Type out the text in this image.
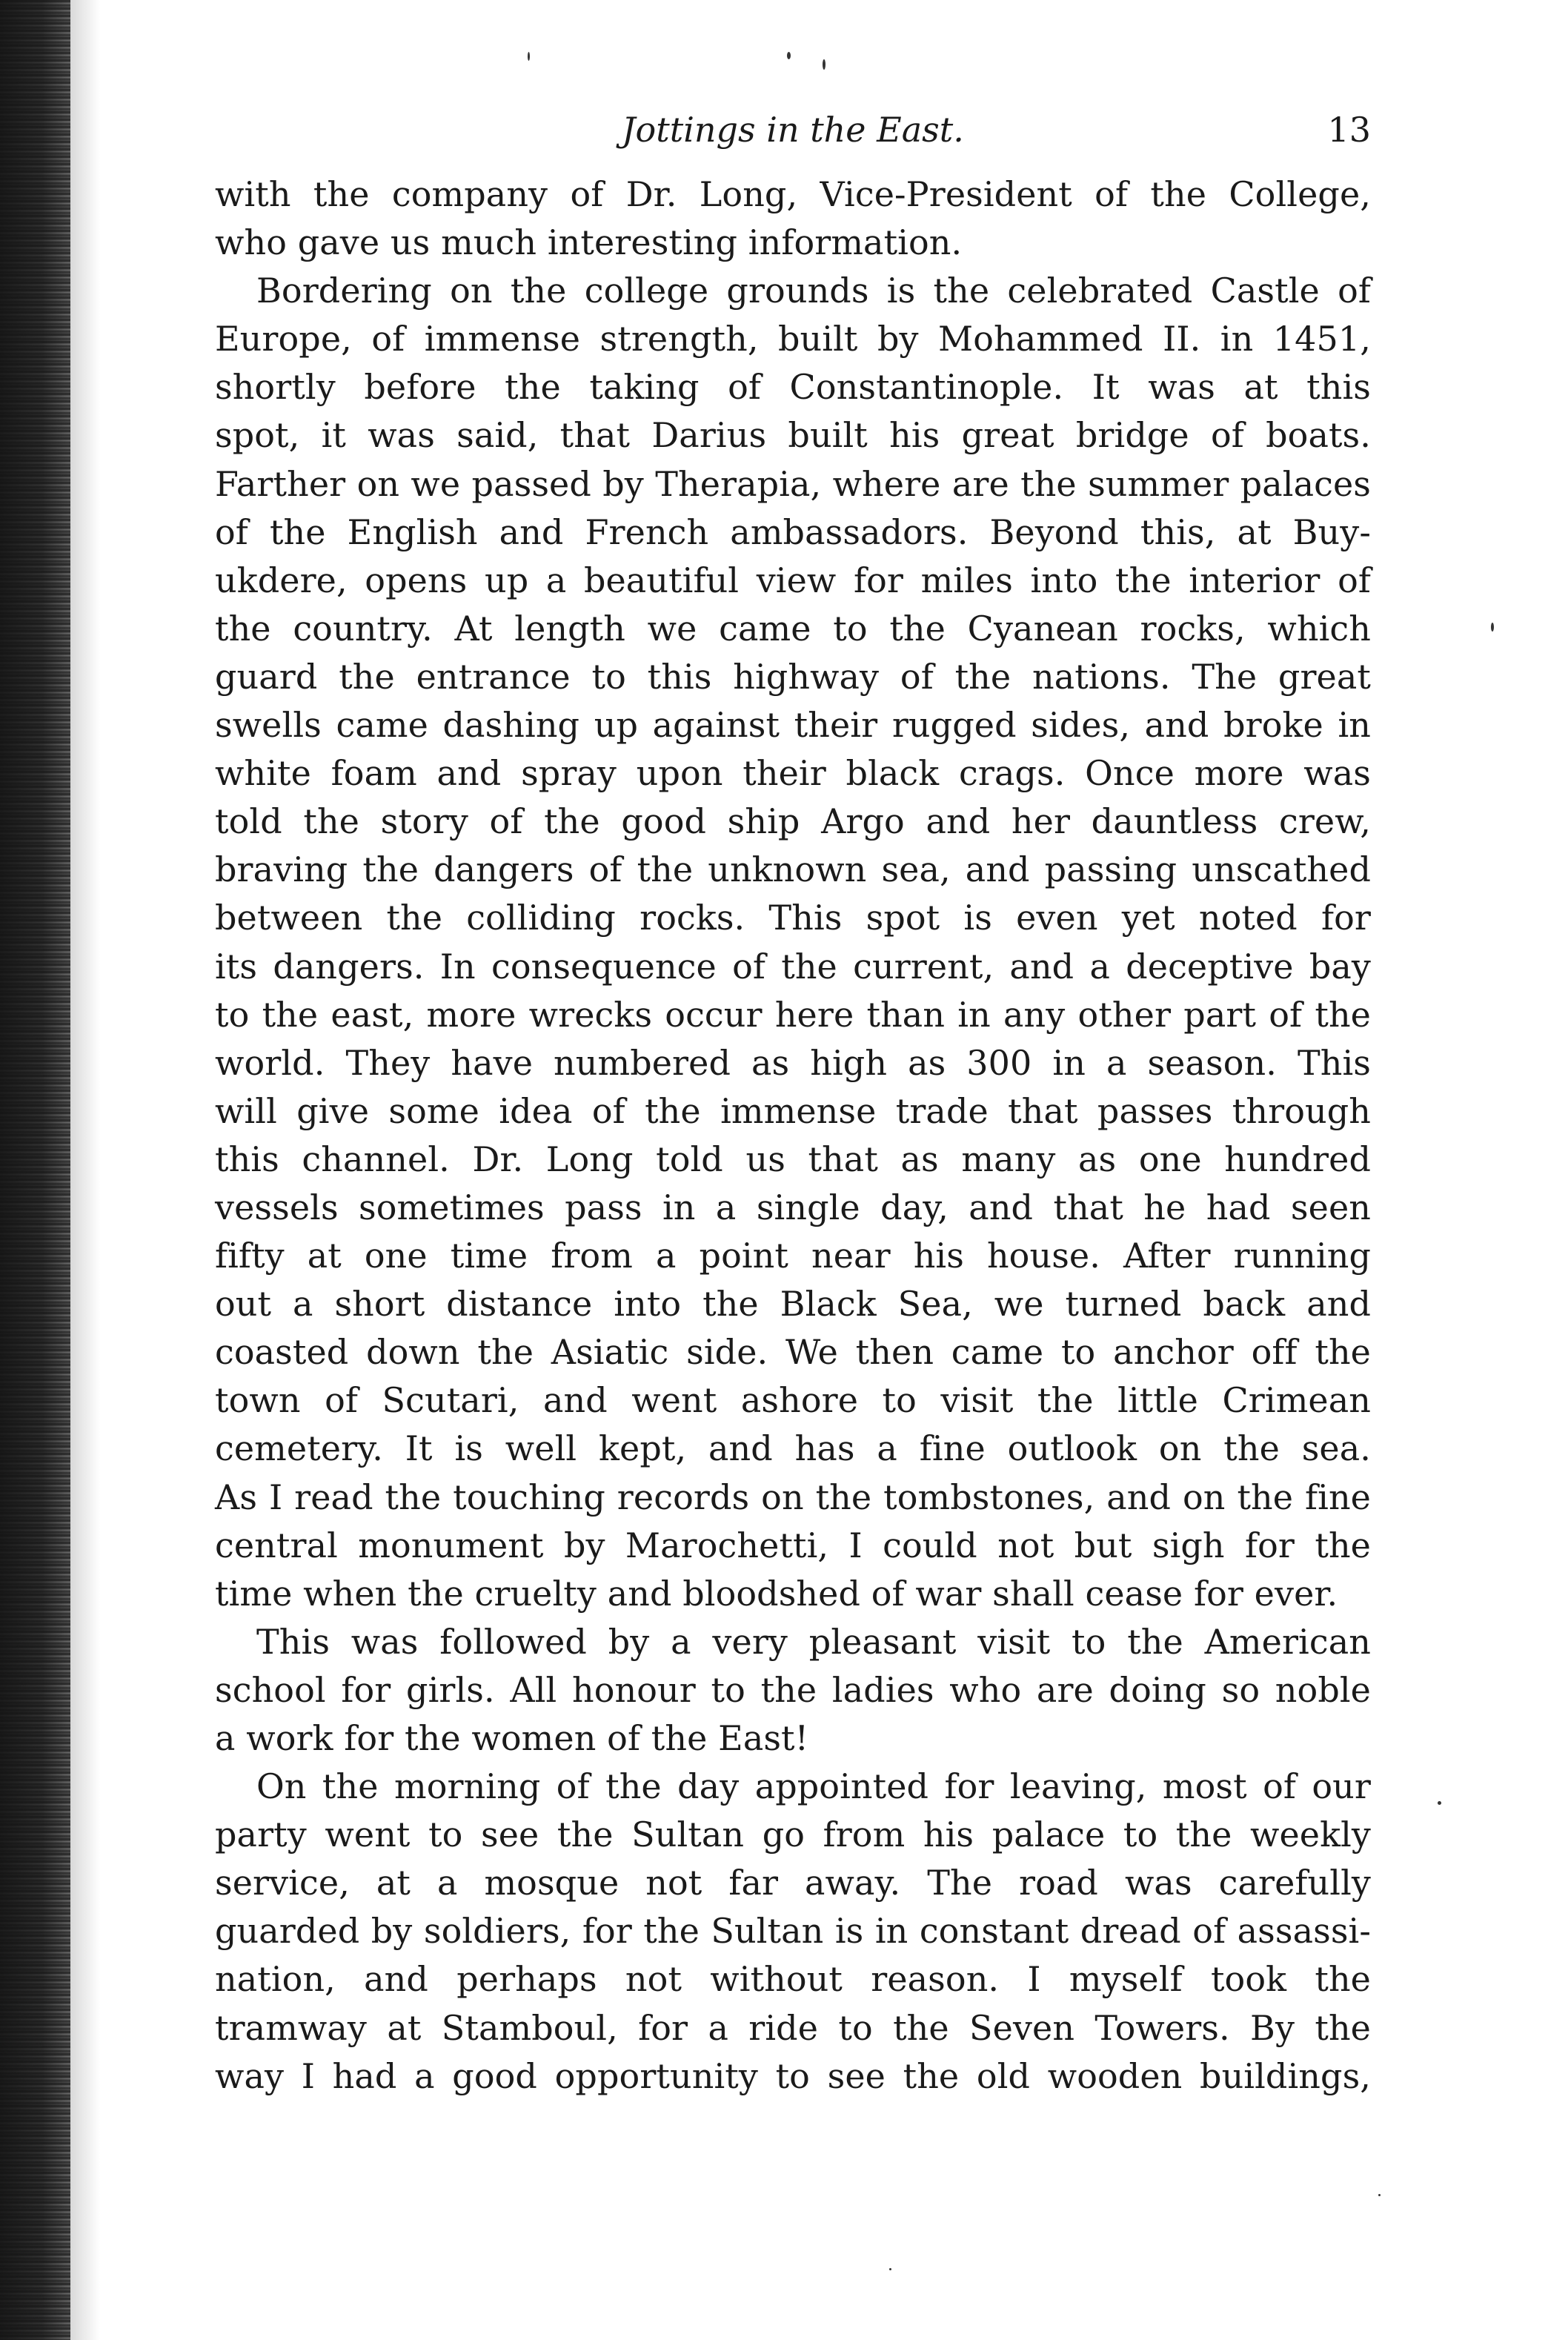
Jottings in the East.	13
with the company of Dr. Long, Vice-President of the College,
who gave us much interesting information.
Bordering on the college grounds is the celebrated Castle of
Europe, of immense strength, built by Mohammed II. in 1451,
shortly before the taking of Constantinople. It was at this
spot, it was said, that Darius built his great bridge of boats.
Farther on we passed by Therapia, where are the summer palaces
of the English and French ambassadors. Beyond this, at Buy-
ukdere, opens up a beautiful view for miles into the interior of
the country. At length we came to the Cyanean rocks, which
guard the entrance to this highway of the nations. The great
swells came dashing up against their rugged sides, and broke in
white foam and spray upon their black crags. Once more was
told the story of the good ship Argo and her dauntless crew,
braving the dangers of the unknown sea, and passing unscathed
between the colliding rocks. This spot is even yet noted for
its dangers. In consequence of the current, and a deceptive bay
to the east, more wrecks occur here than in any other part of the
world. They have numbered as high as 300 in a season. This
will give some idea of the immense trade that passes through
this channel. Dr. Long told us that as many as one hundred
vessels sometimes pass in a single day, and that he had seen
fifty at one time from a point near his house. After running
out a short distance into the Black Sea, we turned back and
coasted down the Asiatic side. We then came to anchor off the
town of Scutari, and went ashore to visit the little Crimean
cemetery. It is well kept, and has a fine outlook on the sea.
As I read the touching records on the tombstones, and on the fine
central monument by Marochetti, I could not but sigh for the
time when the cruelty and bloodshed of war shall cease for ever.
This was followed by a very pleasant visit to the American
school for girls. All honour to the ladies who are doing so noble
a work for the women of the East!
On the morning of the day appointed for leaving, most of our
party went to see the Sultan go from his palace to the weekly
service, at a mosque not far away. The road was carefully
guarded by soldiers, for the Sultan is in constant dread of assassi-
nation, and perhaps not without reason. I myself took the
tramway at Stamboul, for a ride to the Seven Towers. By the
way I had a good opportunity to see the old wooden buildings,
